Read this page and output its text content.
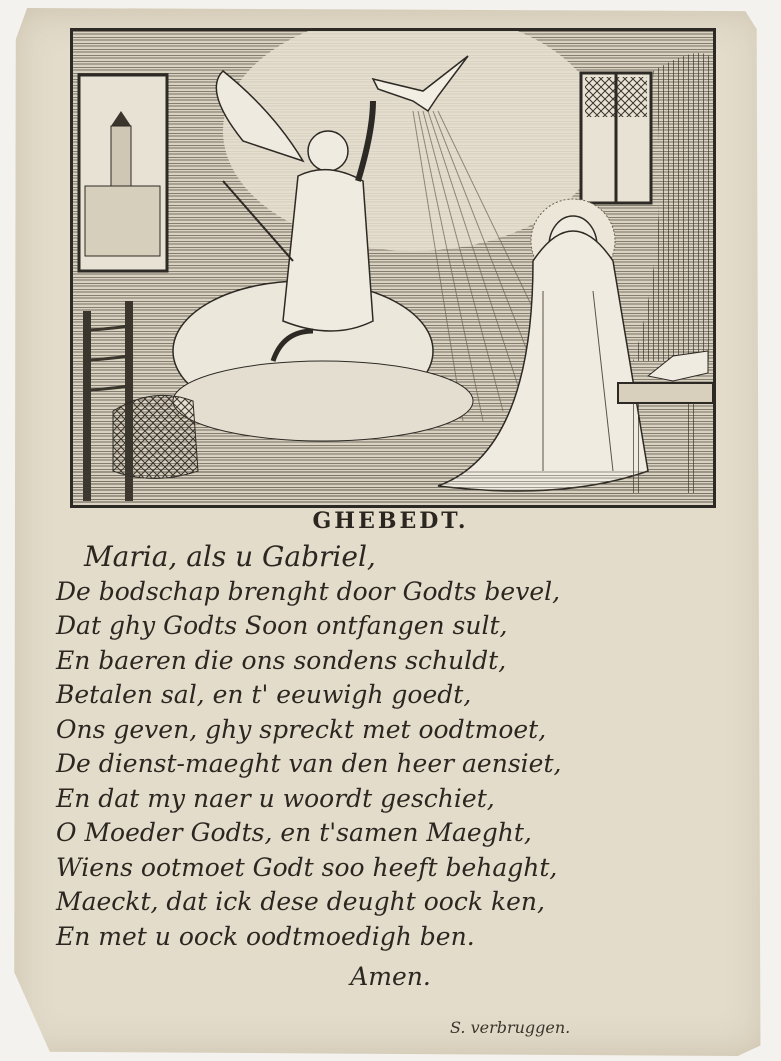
GHEBEDT.
Maria, als u Gabriel,
De bodschap brenght door Godts bevel,
Dat ghy Godts Soon ontfangen sult,
En baeren die ons sondens schuldt,
Betalen sal, en t' eeuwigh goedt,
Ons geven, ghy spreckt met oodtmoet,
De dienst-maeght van den heer aensiet,
En dat my naer u woordt geschiet,
O Moeder Godts, en t'samen Maeght,
Wiens ootmoet Godt soo heeft behaght,
Maeckt, dat ick dese deught oock ken,
En met u oock oodtmoedigh ben.
Amen.
S. verbruggen.
